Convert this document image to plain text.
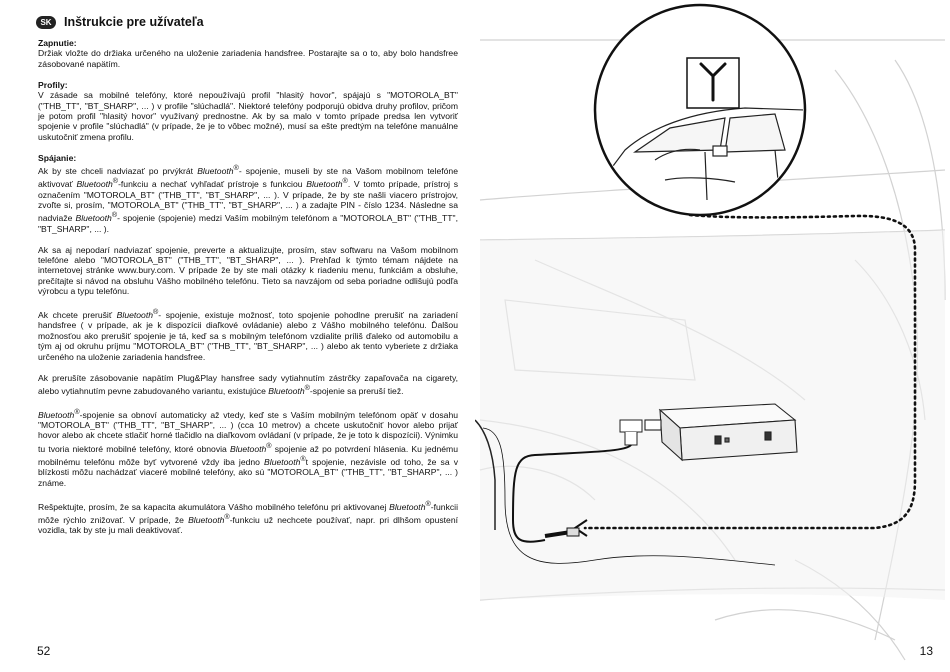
SK Inštrukcie pre užívateľa

Zapnutie:
Držiak vložte do držiaka určeného na uloženie zariadenia handsfree. Postarajte sa o to, aby bolo handsfree zásobované napätím.

Profily:
V zásade sa mobilné telefóny, ktoré nepoužívajú profil "hlasitý hovor", spájajú s "MOTOROLA_BT" ("THB_TT", "BT_SHARP", ... ) v profile "slúchadlá". Niektoré telefóny podporujú obidva druhy profilov, pričom je potom profil "hlasitý hovor" využívaný prednostne. Ak by sa malo v tomto prípade predsa len vytvoriť spojenie v profile "slúchadlá" (v prípade, že je to vôbec možné), musí sa ešte predtým na telefóne manuálne uskutočniť zmena profilu.

Spájanie:
Ak by ste chceli nadviazať po prvýkrát Bluetooth®- spojenie, museli by ste na Vašom mobilnom telefóne aktivovať Bluetooth®-funkciu a nechať vyhľadať prístroje s funkciou Bluetooth®. V tomto prípade, prístroj s označením "MOTOROLA_BT" ("THB_TT", "BT_SHARP", ... ). V prípade, že by ste našli viacero prístrojov, zvoľte si, prosím, "MOTOROLA_BT" ("THB_TT", "BT_SHARP", ... ) a zadajte PIN - číslo 1234. Následne sa nadviaže Bluetooth®- spojenie (spojenie) medzi Vaším mobilným telefónom a "MOTOROLA_BT" ("THB_TT", "BT_SHARP", ... ).

Ak sa aj nepodarí nadviazať spojenie, preverte a aktualizujte, prosím, stav softwaru na Vašom mobilnom telefóne alebo "MOTOROLA_BT" ("THB_TT", "BT_SHARP", ... ). Prehľad k týmto témam nájdete na internetovej stránke www.bury.com. V prípade že by ste mali otázky k riadeniu menu, funkciám a obsluhe, prečítajte si návod na obsluhu Vášho mobilného telefónu. Tieto sa navzájom od seba poriadne odlišujú podľa výrobcu a typu telefónu.

Ak chcete prerušiť Bluetooth®- spojenie, existuje možnosť, toto spojenie pohodlne prerušiť na zariadení handsfree ( v prípade, ak je k dispozícii diaľkové ovládanie) alebo z Vášho mobilného telefónu. Ďalšou možnosťou ako prerušiť spojenie je tá, keď sa s mobilným telefónom vzdialite príliš ďaleko od automobilu a tým aj od okruhu príjmu "MOTOROLA_BT" ("THB_TT", "BT_SHARP", ... ) alebo ak tento vyberiete z držiaka určeného na uloženie zariadenia handsfree.

Ak prerušíte zásobovanie napätím Plug&Play hansfree sady vytiahnutím zástrčky zapaľovača na cigarety, alebo vytiahnutím pevne zabudovaného variantu, existujúce Bluetooth®-spojenie sa preruší tiež.

Bluetooth®-spojenie sa obnoví automaticky až vtedy, keď ste s Vaším mobilným telefónom opäť v dosahu "MOTOROLA_BT" ("THB_TT", "BT_SHARP", ... ) (cca 10 metrov) a chcete uskutočniť hovor alebo prijať hovor alebo ak chcete stlačiť horné tlačidlo na diaľkovom ovládaní (v prípade, že je toto k dispozícii). Výnimku tu tvoria niektoré mobilné telefóny, ktoré obnovia Bluetooth® spojenie až po potvrdení hlásenia. Ku jednému mobilnému telefónu môže byť vytvorené vždy iba jedno Bluetooth®t spojenie, nezávisle od toho, že sa v blízkosti môžu nachádzať viaceré mobilné telefóny, ako sú "MOTOROLA_BT" ("THB_TT", "BT_SHARP", ... ) známe.

Rešpektujte, prosím, že sa kapacita akumulátora Vášho mobilného telefónu pri aktivovanej Bluetooth®-funkcii môže rýchlo znižovať. V prípade, že Bluetooth®-funkciu už nechcete používať, napr. pri dlhšom opustení vozidla, tak by ste ju mali deaktivovať.

52	13
